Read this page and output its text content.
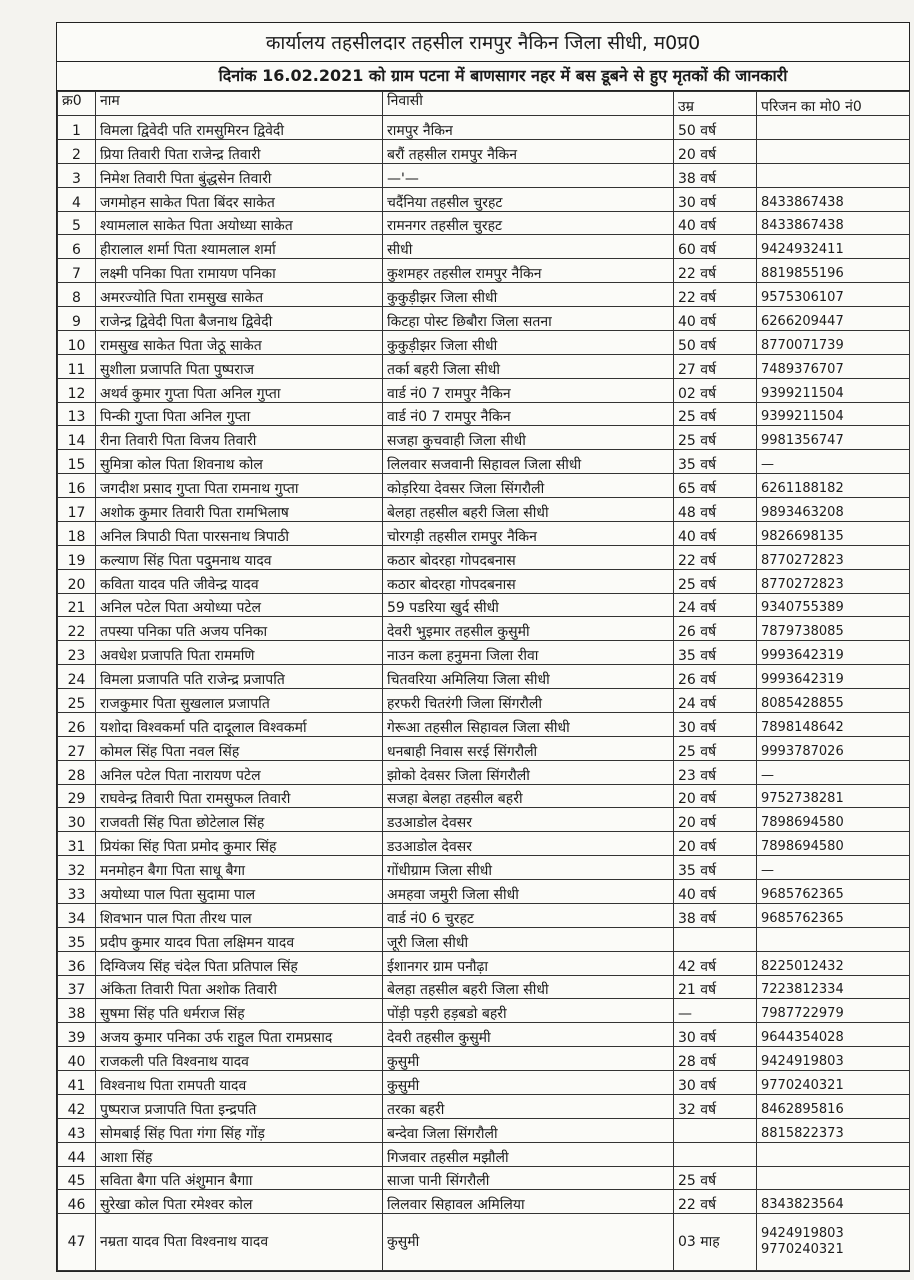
कार्यालय तहसीलदार तहसील रामपुर नैकिन जिला सीधी, म0प्र0
दिनांक 16.02.2021 को ग्राम पटना में बाणसागर नहर में बस डूबने से हुए मृतकों की जानकारी
क्र0	नाम	निवासी	उम्र	परिजन का मो0 नं0
1	विमला द्विवेदी पति रामसुमिरन द्विवेदी	रामपुर नैकिन	50 वर्ष	
2	प्रिया तिवारी पिता राजेन्द्र तिवारी	बरौं तहसील रामपुर नैकिन	20 वर्ष	
3	निमेश तिवारी पिता बुंद्धसेन तिवारी	—'—	38 वर्ष	
4	जगमोहन साकेत पिता बिंदर साकेत	चदैंनिया तहसील चुरहट	30 वर्ष	8433867438
5	श्यामलाल साकेत पिता अयोध्या साकेत	रामनगर तहसील चुरहट	40 वर्ष	8433867438
6	हीरालाल शर्मा पिता श्यामलाल शर्मा	सीधी	60 वर्ष	9424932411
7	लक्ष्मी पनिका पिता रामायण पनिका	कुशमहर तहसील रामपुर नैकिन	22 वर्ष	8819855196
8	अमरज्योति पिता रामसुख साकेत	कुकुड़ीझर जिला सीधी	22 वर्ष	9575306107
9	राजेन्द्र द्विवेदी पिता बैजनाथ द्विवेदी	किटहा पोस्ट छिबौरा जिला सतना	40 वर्ष	6266209447
10	रामसुख साकेत पिता जेठू साकेत	कुकुड़ीझर जिला सीधी	50 वर्ष	8770071739
11	सुशीला प्रजापति पिता पुष्पराज	तर्का बहरी जिला सीधी	27 वर्ष	7489376707
12	अथर्व कुमार गुप्ता पिता अनिल गुप्ता	वार्ड नं0 7 रामपुर नैकिन	02 वर्ष	9399211504
13	पिन्की गुप्ता पिता अनिल गुप्ता	वार्ड नं0 7 रामपुर नैकिन	25 वर्ष	9399211504
14	रीना तिवारी पिता विजय तिवारी	सजहा कुचवाही जिला सीधी	25 वर्ष	9981356747
15	सुमित्रा कोल पिता शिवनाथ कोल	लिलवार सजवानी सिहावल जिला सीधी	35 वर्ष	—
16	जगदीश प्रसाद गुप्ता पिता रामनाथ गुप्ता	कोड़रिया देवसर जिला सिंगरौली	65 वर्ष	6261188182
17	अशोक कुमार तिवारी पिता रामभिलाष	बेलहा तहसील बहरी जिला सीधी	48 वर्ष	9893463208
18	अनिल त्रिपाठी पिता पारसनाथ त्रिपाठी	चोरगड़ी तहसील रामपुर नैकिन	40 वर्ष	9826698135
19	कल्याण सिंह पिता पदुमनाथ यादव	कठार बोदरहा गोपदबनास	22 वर्ष	8770272823
20	कविता यादव पति जीवेन्द्र यादव	कठार बोदरहा गोपदबनास	25 वर्ष	8770272823
21	अनिल पटेल पिता अयोध्या पटेल	59 पडरिया खुर्द सीधी	24 वर्ष	9340755389
22	तपस्या पनिका पति अजय पनिका	देवरी भुइमार तहसील कुसुमी	26 वर्ष	7879738085
23	अवधेश प्रजापति पिता राममणि	नाउन कला हनुमना जिला रीवा	35 वर्ष	9993642319
24	विमला प्रजापति पति राजेन्द्र प्रजापति	चितवरिया अमिलिया जिला सीधी	26 वर्ष	9993642319
25	राजकुमार पिता सुखलाल प्रजापति	हरफरी चितरंगी जिला सिंगरौली	24 वर्ष	8085428855
26	यशोदा विश्वकर्मा पति दादूलाल विश्वकर्मा	गेरूआ तहसील सिहावल जिला सीधी	30 वर्ष	7898148642
27	कोमल सिंह पिता नवल सिंह	धनबाही निवास सरई सिंगरौली	25 वर्ष	9993787026
28	अनिल पटेल पिता नारायण पटेल	झोको देवसर जिला सिंगरौली	23 वर्ष	—
29	राघवेन्द्र तिवारी पिता रामसुफल तिवारी	सजहा बेलहा तहसील बहरी	20 वर्ष	9752738281
30	राजवती सिंह पिता छोटेलाल सिंह	डउआडोल देवसर	20 वर्ष	7898694580
31	प्रियंका सिंह पिता प्रमोद कुमार सिंह	डउआडोल देवसर	20 वर्ष	7898694580
32	मनमोहन बैगा पिता साधू बैगा	गोंधीग्राम जिला सीधी	35 वर्ष	—
33	अयोध्या पाल पिता सुदामा पाल	अमहवा जमुरी जिला सीधी	40 वर्ष	9685762365
34	शिवभान पाल पिता तीरथ पाल	वार्ड नं0 6 चुरहट	38 वर्ष	9685762365
35	प्रदीप कुमार यादव पिता लक्षिमन यादव	जूरी जिला सीधी		
36	दिग्विजय सिंह चंदेल पिता प्रतिपाल सिंह	ईशानगर ग्राम पनौढ़ा	42 वर्ष	8225012432
37	अंकिता तिवारी पिता अशोक तिवारी	बेलहा तहसील बहरी जिला सीधी	21 वर्ष	7223812334
38	सुषमा सिंह पति धर्मराज सिंह	पोंड़ी पड़री हड़बडो बहरी	—	7987722979
39	अजय कुमार पनिका उर्फ राहुल पिता रामप्रसाद	देवरी तहसील कुसुमी	30 वर्ष	9644354028
40	राजकली पति विश्वनाथ यादव	कुसुमी	28 वर्ष	9424919803
41	विश्वनाथ पिता रामपती यादव	कुसुमी	30 वर्ष	9770240321
42	पुष्पराज प्रजापति पिता इन्द्रपति	तरका बहरी	32 वर्ष	8462895816
43	सोमबाई सिंह पिता गंगा सिंह गोंड़	बन्देवा जिला सिंगरौली		8815822373
44	आशा सिंह	गिजवार तहसील मझौली		
45	सविता बैगा पति अंशुमान बैगाा	साजा पानी सिंगरौली	25 वर्ष	
46	सुरेखा कोल पिता रमेश्वर कोल	लिलवार सिहावल अमिलिया	22 वर्ष	8343823564
47	नम्रता यादव पिता विश्वनाथ यादव	कुसुमी	03 माह	9424919803
9770240321
